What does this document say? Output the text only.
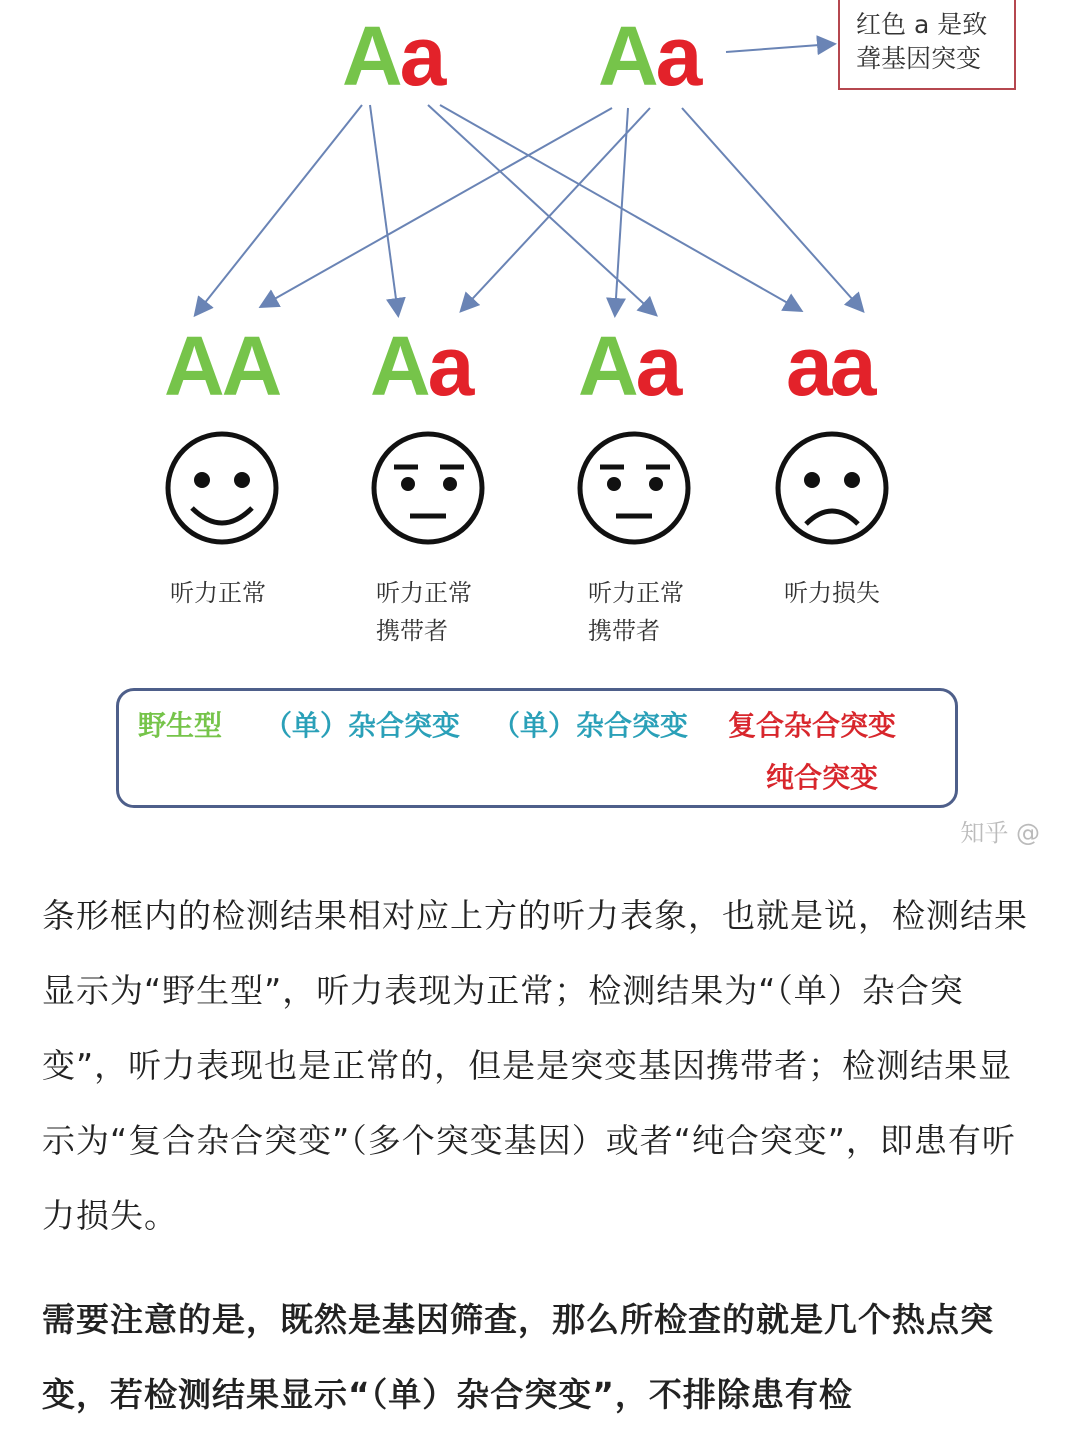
红色 a 是致
聋基因突变
Aa Aa
AA Aa Aa aa
听力正常	听力正常
携带者
听力正常
携带者
听力损失
野生型 （单）杂合突变 （单）杂合突变 复合杂合突变
纯合突变
知乎 @
条形框内的检测结果相对应上方的听力表象，也就是说，检测结果显示为“野生型”，听力表现为正常；检测结果为“（单）杂合突变”，听力表现也是正常的，但是是突变基因携带者；检测结果显示为“复合杂合突变”（多个突变基因）或者“纯合突变”，即患有听力损失。
需要注意的是，既然是基因筛查，那么所检查的就是几个热点突变，若检测结果显示“（单）杂合突变”，不排除患有检
